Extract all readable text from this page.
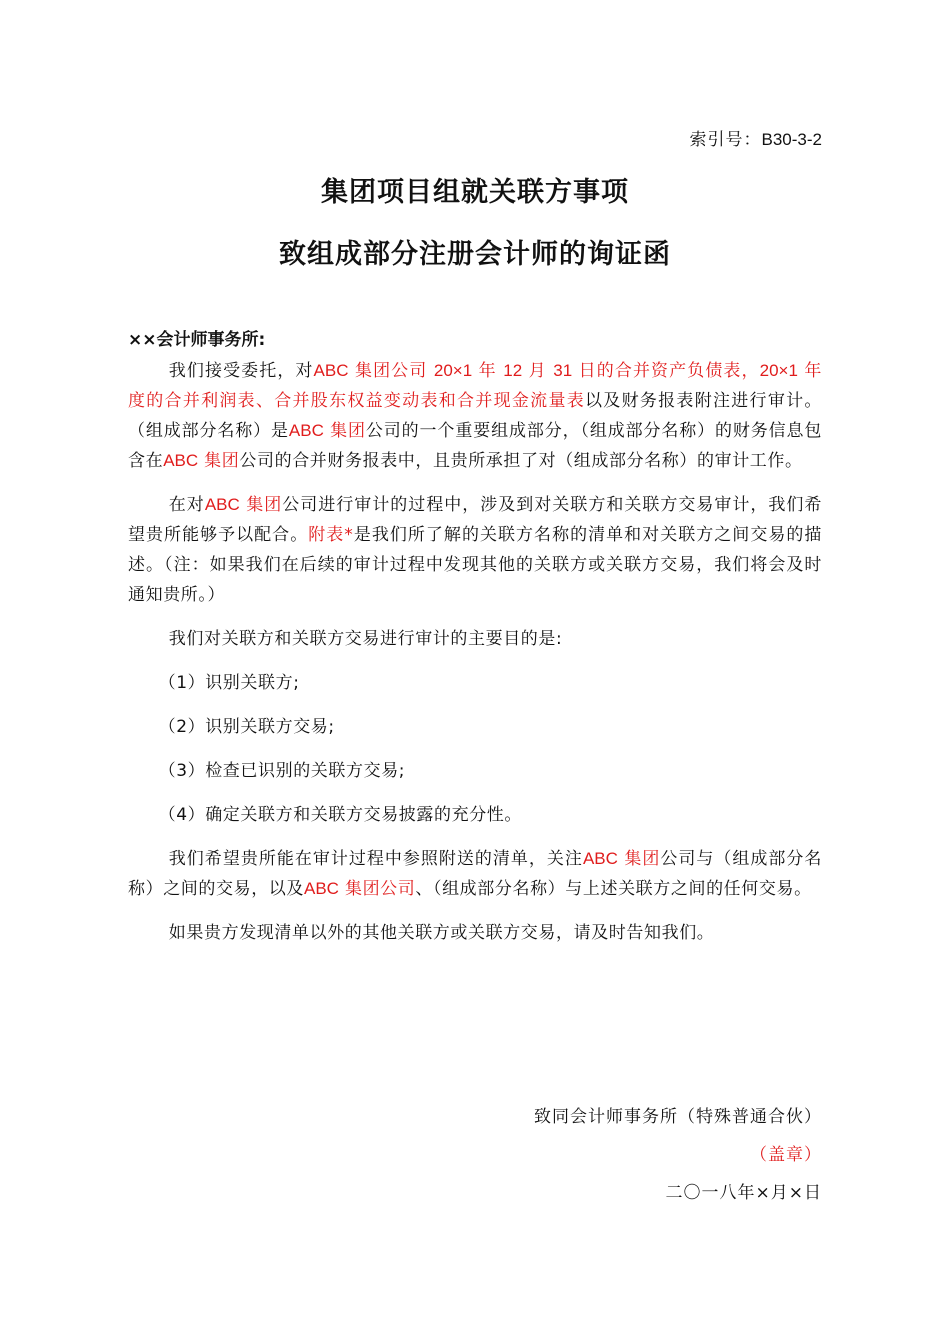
索引号：B30-3-2
集团项目组就关联方事项
致组成部分注册会计师的询证函
××会计师事务所:

我们接受委托，对ABC 集团公司 20×1 年 12 月 31 日的合并资产负债表，20×1 年度的合并利润表、合并股东权益变动表和合并现金流量表以及财务报表附注进行审计。（组成部分名称）是ABC 集团公司的一个重要组成部分，（组成部分名称）的财务信息包含在ABC 集团公司的合并财务报表中，且贵所承担了对（组成部分名称）的审计工作。

在对ABC 集团公司进行审计的过程中，涉及到对关联方和关联方交易审计，我们希望贵所能够予以配合。附表*是我们所了解的关联方名称的清单和对关联方之间交易的描述。（注：如果我们在后续的审计过程中发现其他的关联方或关联方交易，我们将会及时通知贵所。）

我们对关联方和关联方交易进行审计的主要目的是:

（1）识别关联方;

（2）识别关联方交易;

（3）检查已识别的关联方交易;

（4）确定关联方和关联方交易披露的充分性。

我们希望贵所能在审计过程中参照附送的清单，关注ABC 集团公司与（组成部分名称）之间的交易，以及ABC 集团公司、（组成部分名称）与上述关联方之间的任何交易。

如果贵方发现清单以外的其他关联方或关联方交易，请及时告知我们。

致同会计师事务所（特殊普通合伙）
（盖章）
二〇一八年×月×日
